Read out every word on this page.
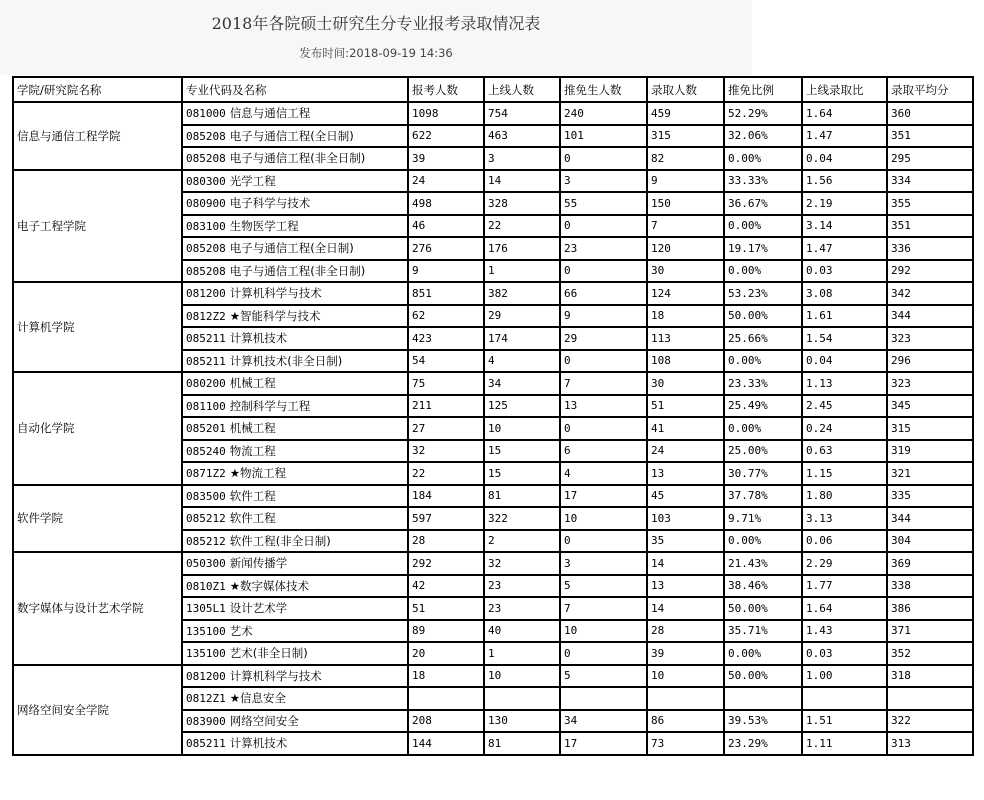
2018年各院硕士研究生分专业报考录取情况表
发布时间:2018-09-19 14:36
学院/研究院名称	专业代码及名称	报考人数	上线人数	推免生人数	录取人数	推免比例	上线录取比	录取平均分
信息与通信工程学院	081000 信息与通信工程	1098	754	240	459	52.29%	1.64	360
	085208 电子与通信工程(全日制)	622	463	101	315	32.06%	1.47	351
	085208 电子与通信工程(非全日制)	39	3	0	82	0.00%	0.04	295
电子工程学院	080300 光学工程	24	14	3	9	33.33%	1.56	334
	080900 电子科学与技术	498	328	55	150	36.67%	2.19	355
	083100 生物医学工程	46	22	0	7	0.00%	3.14	351
	085208 电子与通信工程(全日制)	276	176	23	120	19.17%	1.47	336
	085208 电子与通信工程(非全日制)	9	1	0	30	0.00%	0.03	292
计算机学院	081200 计算机科学与技术	851	382	66	124	53.23%	3.08	342
	0812Z2 ★智能科学与技术	62	29	9	18	50.00%	1.61	344
	085211 计算机技术	423	174	29	113	25.66%	1.54	323
	085211 计算机技术(非全日制)	54	4	0	108	0.00%	0.04	296
自动化学院	080200 机械工程	75	34	7	30	23.33%	1.13	323
	081100 控制科学与工程	211	125	13	51	25.49%	2.45	345
	085201 机械工程	27	10	0	41	0.00%	0.24	315
	085240 物流工程	32	15	6	24	25.00%	0.63	319
	0871Z2 ★物流工程	22	15	4	13	30.77%	1.15	321
软件学院	083500 软件工程	184	81	17	45	37.78%	1.80	335
	085212 软件工程	597	322	10	103	9.71%	3.13	344
	085212 软件工程(非全日制)	28	2	0	35	0.00%	0.06	304
数字媒体与设计艺术学院	050300 新闻传播学	292	32	3	14	21.43%	2.29	369
	0810Z1 ★数字媒体技术	42	23	5	13	38.46%	1.77	338
	1305L1 设计艺术学	51	23	7	14	50.00%	1.64	386
	135100 艺术	89	40	10	28	35.71%	1.43	371
	135100 艺术(非全日制)	20	1	0	39	0.00%	0.03	352
网络空间安全学院	081200 计算机科学与技术	18	10	5	10	50.00%	1.00	318
	0812Z1 ★信息安全							
	083900 网络空间安全	208	130	34	86	39.53%	1.51	322
	085211 计算机技术	144	81	17	73	23.29%	1.11	313
